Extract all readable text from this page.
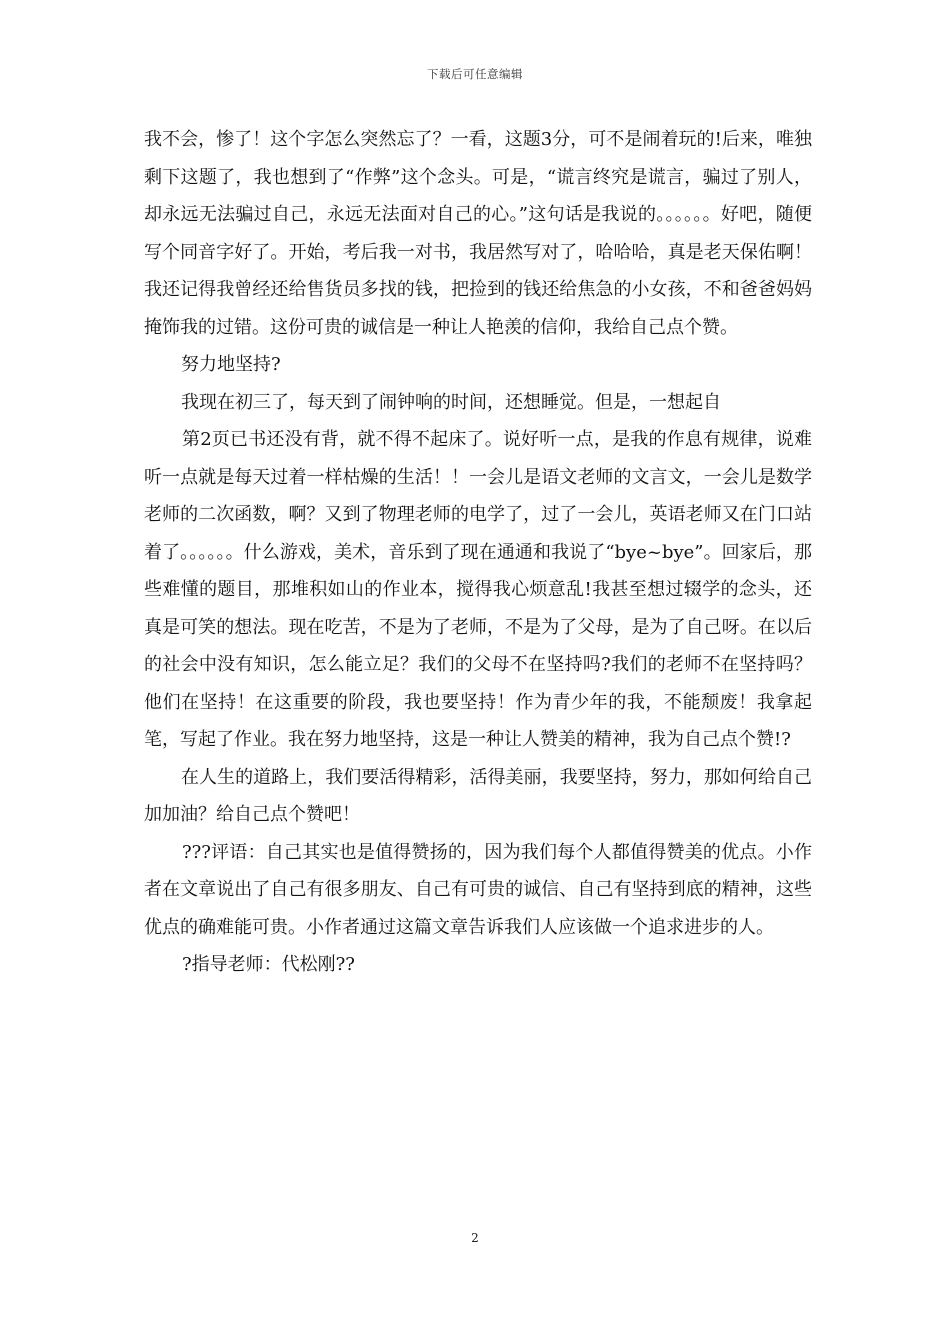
下载后可任意编辑

我不会，惨了！这个字怎么突然忘了？一看，这题3分，可不是闹着玩的!后来，唯独剩下这题了，我也想到了“作弊”这个念头。可是，“谎言终究是谎言，骗过了别人，却永远无法骗过自己，永远无法面对自己的心。”这句话是我说的。。。。。。好吧，随便写个同音字好了。开始，考后我一对书，我居然写对了，哈哈哈，真是老天保佑啊！我还记得我曾经还给售货员多找的钱，把捡到的钱还给焦急的小女孩，不和爸爸妈妈掩饰我的过错。这份可贵的诚信是一种让人艳羡的信仰，我给自己点个赞。

努力地坚持?

我现在初三了，每天到了闹钟响的时间，还想睡觉。但是，一想起自

第2页已书还没有背，就不得不起床了。说好听一点，是我的作息有规律，说难听一点就是每天过着一样枯燥的生活！！一会儿是语文老师的文言文，一会儿是数学老师的二次函数，啊？又到了物理老师的电学了，过了一会儿，英语老师又在门口站着了。。。。。。什么游戏，美术，音乐到了现在通通和我说了“bye~bye”。回家后，那些难懂的题目，那堆积如山的作业本，搅得我心烦意乱!我甚至想过辍学的念头，还真是可笑的想法。现在吃苦，不是为了老师，不是为了父母，是为了自己呀。在以后的社会中没有知识，怎么能立足？我们的父母不在坚持吗?我们的老师不在坚持吗？他们在坚持！在这重要的阶段，我也要坚持！作为青少年的我，不能颓废！我拿起笔，写起了作业。我在努力地坚持，这是一种让人赞美的精神，我为自己点个赞!?

在人生的道路上，我们要活得精彩，活得美丽，我要坚持，努力，那如何给自己加加油？给自己点个赞吧！

???评语：自己其实也是值得赞扬的，因为我们每个人都值得赞美的优点。小作者在文章说出了自己有很多朋友、自己有可贵的诚信、自己有坚持到底的精神，这些优点的确难能可贵。小作者通过这篇文章告诉我们人应该做一个追求进步的人。

?指导老师：代松刚??

2
